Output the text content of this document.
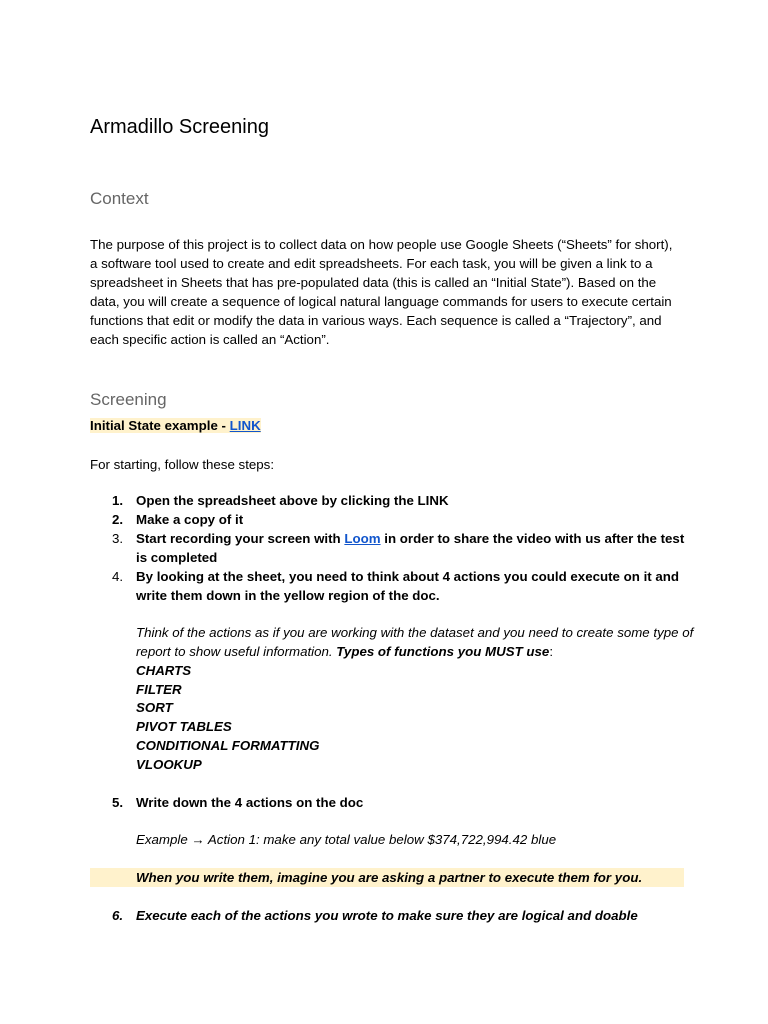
Armadillo Screening
Context

The purpose of this project is to collect data on how people use Google Sheets (“Sheets” for short), a software tool used to create and edit spreadsheets. For each task, you will be given a link to a spreadsheet in Sheets that has pre-populated data (this is called an “Initial State”). Based on the data, you will create a sequence of logical natural language commands for users to execute certain functions that edit or modify the data in various ways. Each sequence is called a “Trajectory”, and each specific action is called an “Action”.

Screening

Initial State example - LINK

For starting, follow these steps:

1. Open the spreadsheet above by clicking the LINK

2. Make a copy of it

3. Start recording your screen with Loom in order to share the video with us after the test is completed

4. By looking at the sheet, you need to think about 4 actions you could execute on it and write them down in the yellow region of the doc.

Think of the actions as if you are working with the dataset and you need to create some type of report to show useful information. Types of functions you MUST use:

CHARTS
FILTER
SORT
PIVOT TABLES
CONDITIONAL FORMATTING
VLOOKUP
5. Write down the 4 actions on the doc

Example → Action 1: make any total value below $374,722,994.42 blue

When you write them, imagine you are asking a partner to execute them for you.

6. Execute each of the actions you wrote to make sure they are logical and doable
